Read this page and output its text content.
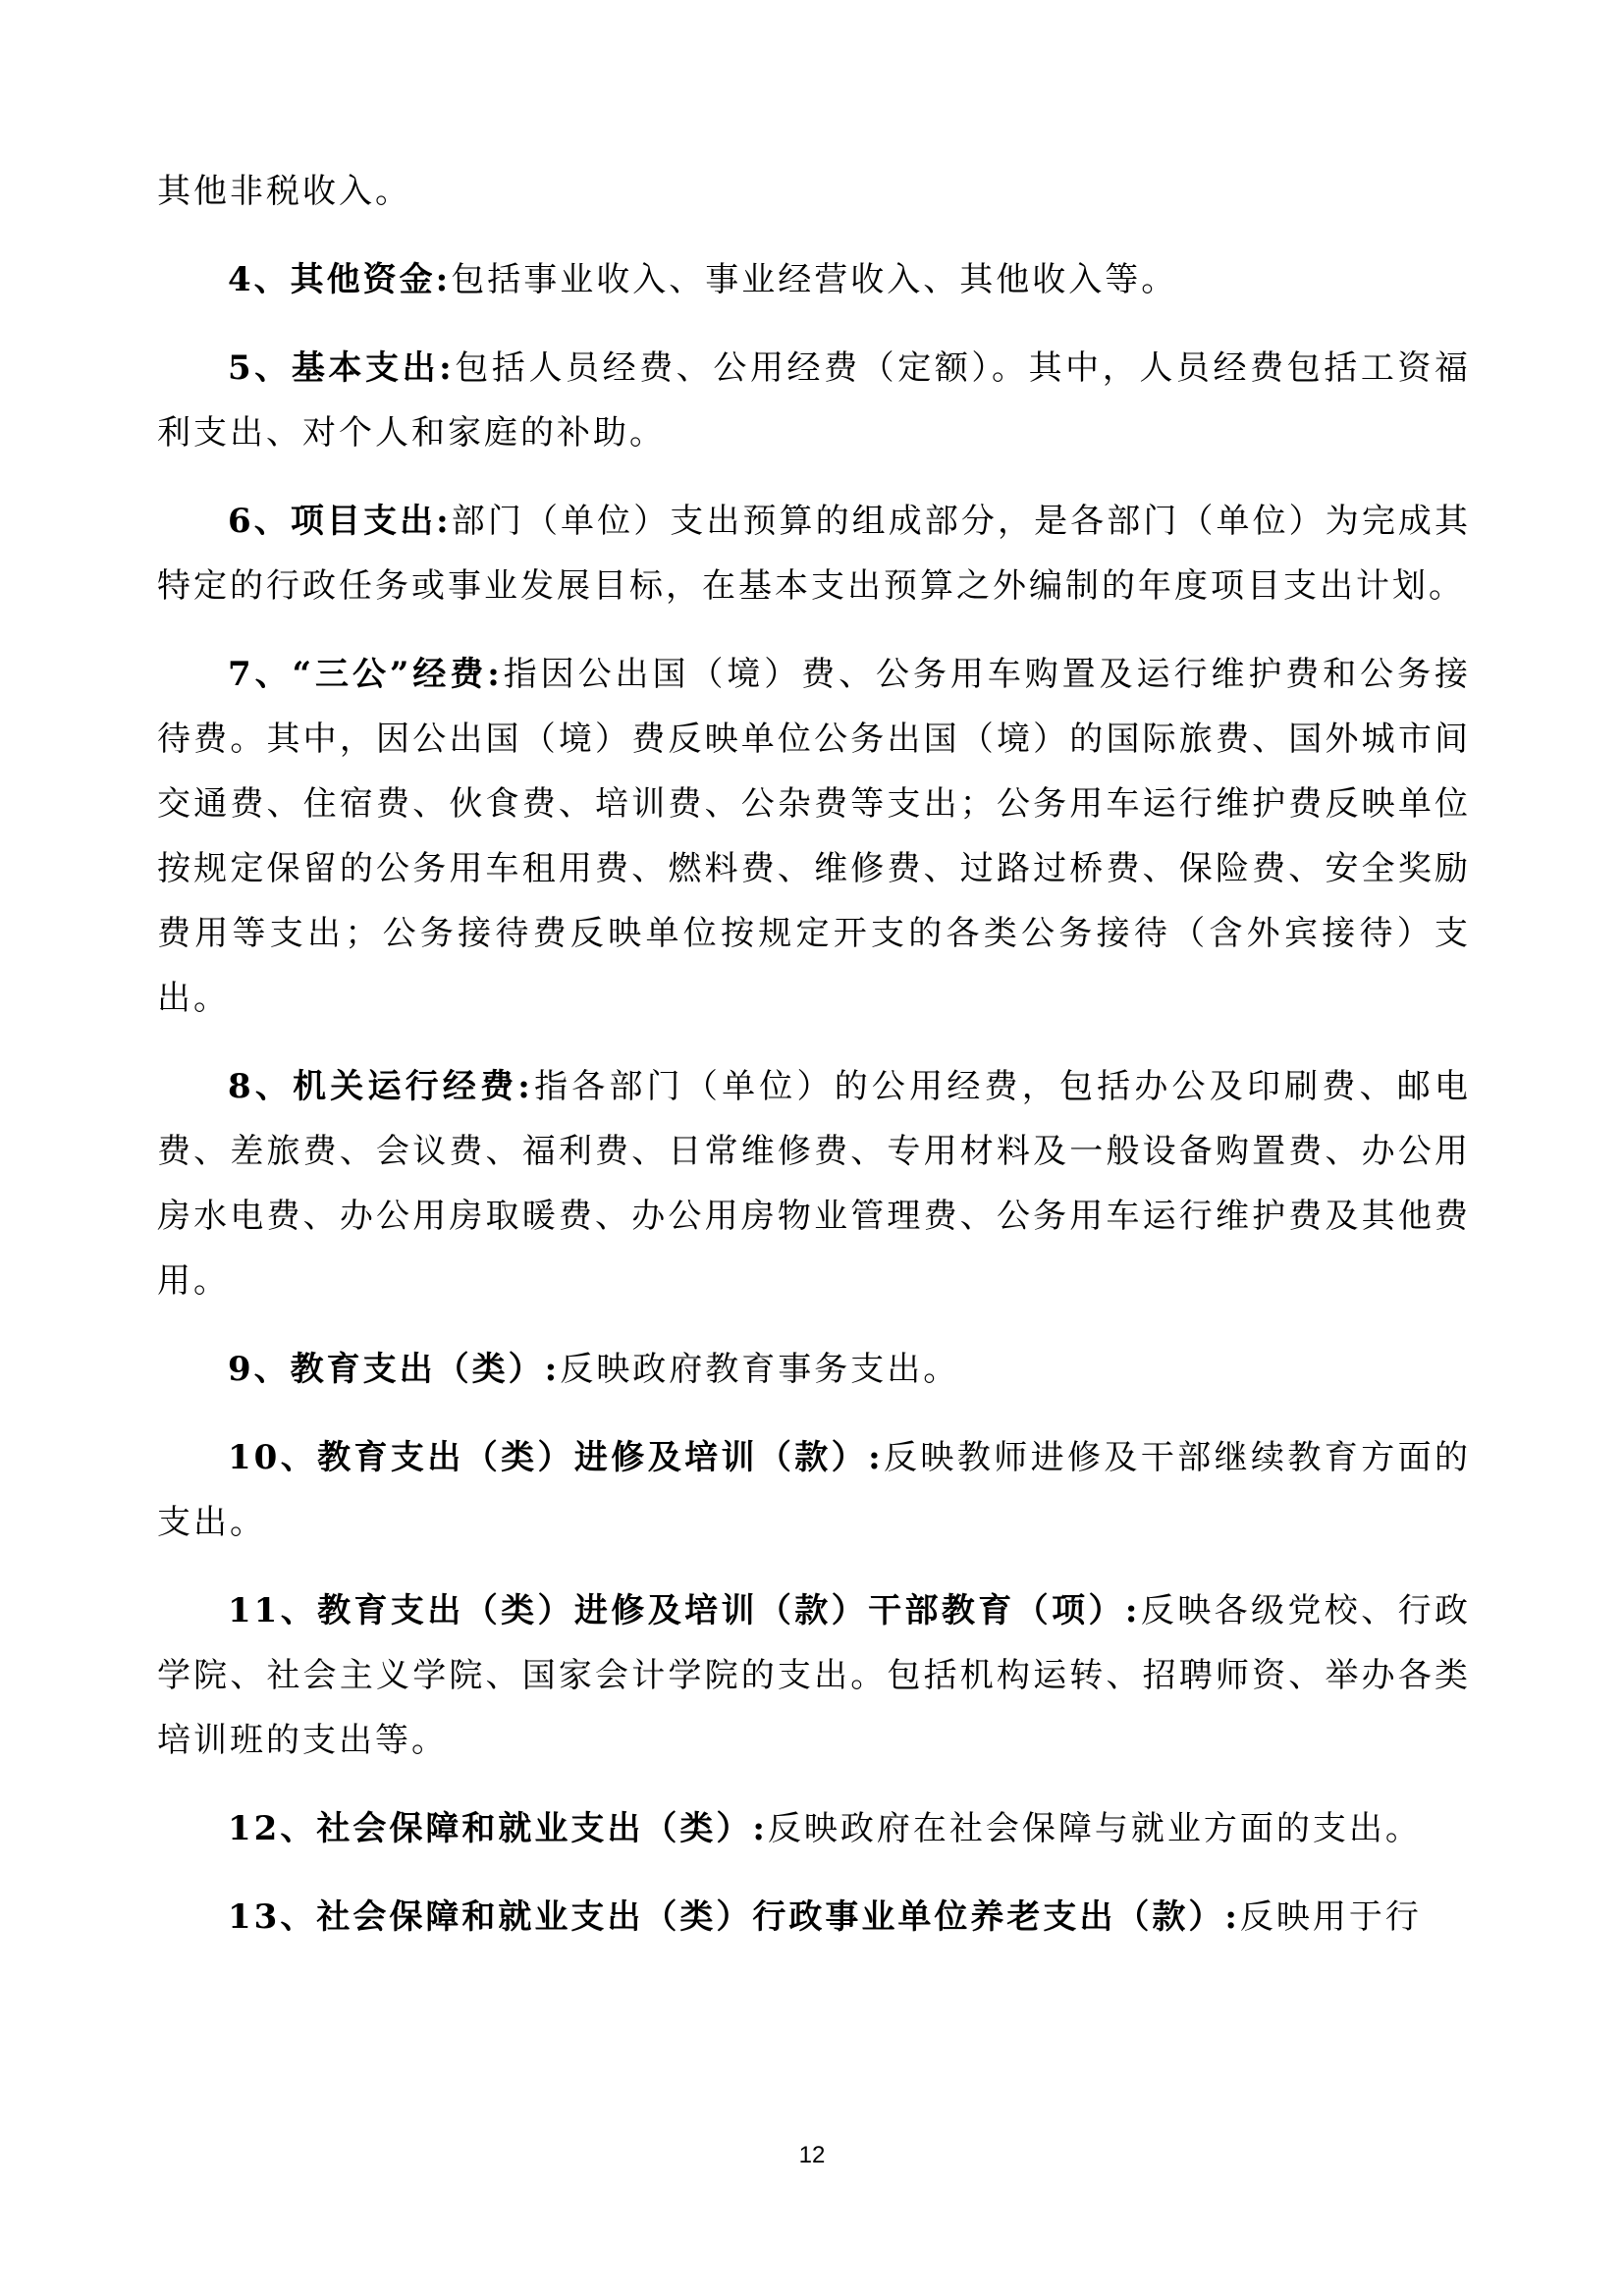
其他非税收入。

4、其他资金:包括事业收入、事业经营收入、其他收入等。

5、基本支出:包括人员经费、公用经费（定额）。其中，人员经费包括工资福利支出、对个人和家庭的补助。

6、项目支出:部门（单位）支出预算的组成部分，是各部门（单位）为完成其特定的行政任务或事业发展目标，在基本支出预算之外编制的年度项目支出计划。

7、“三公”经费:指因公出国（境）费、公务用车购置及运行维护费和公务接待费。其中，因公出国（境）费反映单位公务出国（境）的国际旅费、国外城市间交通费、住宿费、伙食费、培训费、公杂费等支出；公务用车运行维护费反映单位按规定保留的公务用车租用费、燃料费、维修费、过路过桥费、保险费、安全奖励费用等支出；公务接待费反映单位按规定开支的各类公务接待（含外宾接待）支出。

8、机关运行经费:指各部门（单位）的公用经费，包括办公及印刷费、邮电费、差旅费、会议费、福利费、日常维修费、专用材料及一般设备购置费、办公用房水电费、办公用房取暖费、办公用房物业管理费、公务用车运行维护费及其他费用。

9、教育支出（类）:反映政府教育事务支出。

10、教育支出（类）进修及培训（款）:反映教师进修及干部继续教育方面的支出。

11、教育支出（类）进修及培训（款）干部教育（项）:反映各级党校、行政学院、社会主义学院、国家会计学院的支出。包括机构运转、招聘师资、举办各类培训班的支出等。

12、社会保障和就业支出（类）:反映政府在社会保障与就业方面的支出。

13、社会保障和就业支出（类）行政事业单位养老支出（款）:反映用于行

12
